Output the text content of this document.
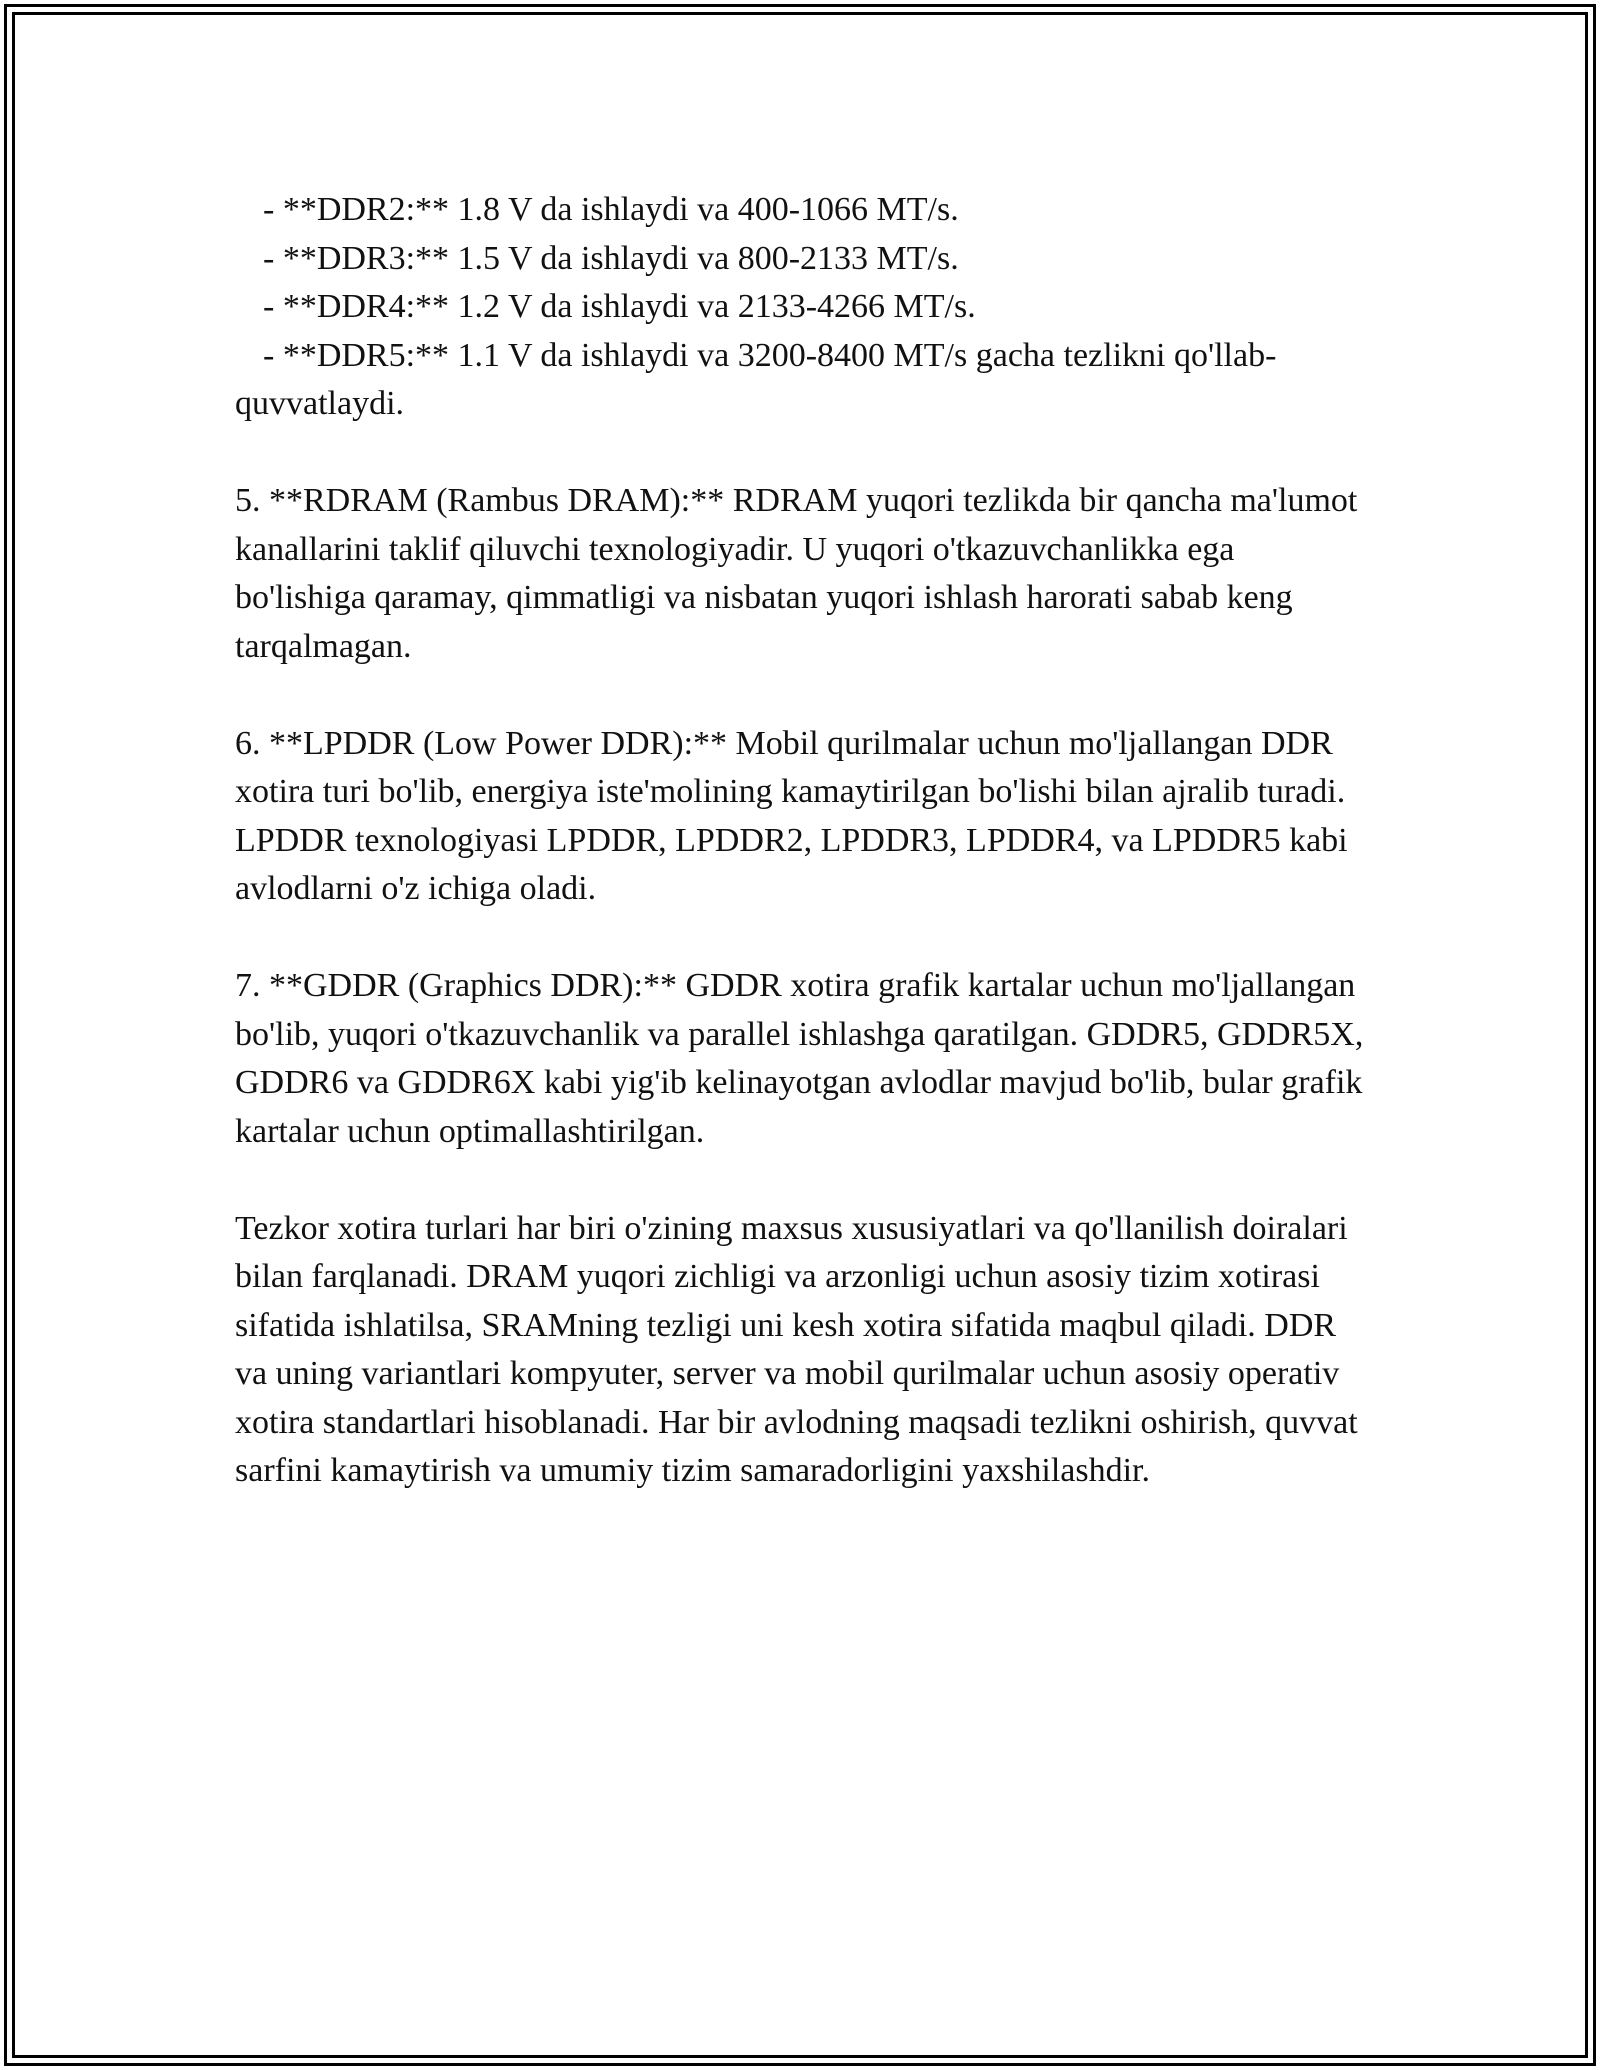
- **DDR2:** 1.8 V da ishlaydi va 400-1066 MT/s.
- **DDR3:** 1.5 V da ishlaydi va 800-2133 MT/s.
- **DDR4:** 1.2 V da ishlaydi va 2133-4266 MT/s.
- **DDR5:** 1.1 V da ishlaydi va 3200-8400 MT/s gacha tezlikni qo'llab-quvvatlaydi.

5. **RDRAM (Rambus DRAM):** RDRAM yuqori tezlikda bir qancha ma'lumot kanallarini taklif qiluvchi texnologiyadir. U yuqori o'tkazuvchanlikka ega bo'lishiga qaramay, qimmatligi va nisbatan yuqori ishlash harorati sabab keng tarqalmagan.

6. **LPDDR (Low Power DDR):** Mobil qurilmalar uchun mo'ljallangan DDR xotira turi bo'lib, energiya iste'molining kamaytirilgan bo'lishi bilan ajralib turadi. LPDDR texnologiyasi LPDDR, LPDDR2, LPDDR3, LPDDR4, va LPDDR5 kabi avlodlarni o'z ichiga oladi.

7. **GDDR (Graphics DDR):** GDDR xotira grafik kartalar uchun mo'ljallangan bo'lib, yuqori o'tkazuvchanlik va parallel ishlashga qaratilgan. GDDR5, GDDR5X, GDDR6 va GDDR6X kabi yig'ib kelinayotgan avlodlar mavjud bo'lib, bular grafik kartalar uchun optimallashtirilgan.

Tezkor xotira turlari har biri o'zining maxsus xususiyatlari va qo'llanilish doiralari bilan farqlanadi. DRAM yuqori zichligi va arzonligi uchun asosiy tizim xotirasi sifatida ishlatilsa, SRAMning tezligi uni kesh xotira sifatida maqbul qiladi. DDR va uning variantlari kompyuter, server va mobil qurilmalar uchun asosiy operativ xotira standartlari hisoblanadi. Har bir avlodning maqsadi tezlikni oshirish, quvvat sarfini kamaytirish va umumiy tizim samaradorligini yaxshilashdir.
